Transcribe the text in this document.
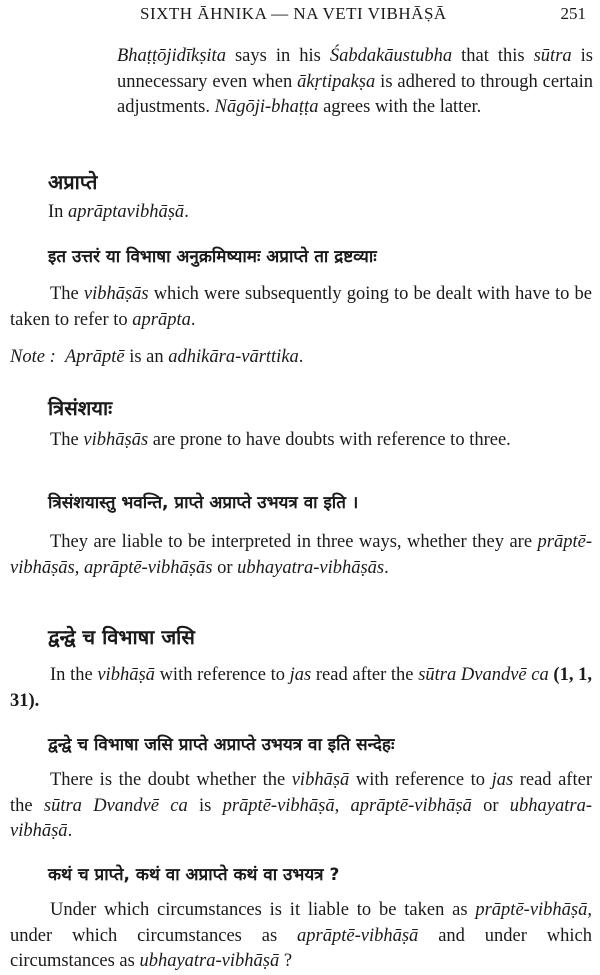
SIXTH ĀHNIKA — NA VETI VIBHĀṢĀ	251
Bhaṭṭōjidīkṣita says in his Śabdakāustubha that this sūtra is unnecessary even when ākṛtipakṣa is adhered to through certain adjustments. Nāgōji-bhaṭṭa agrees with the latter.
अप्राप्ते
In aprāptavibhāṣā.
इत उत्तरं या विभाषा अनुक्रमिष्यामः अप्राप्ते ता द्रष्टव्याः
The vibhāṣās which were subsequently going to be dealt with have to be taken to refer to aprāpta.
Note : Aprāptē is an adhikāra-vārttika.
त्रिसंशयाः
The vibhāṣās are prone to have doubts with reference to three.
त्रिसंशयास्तु भवन्ति, प्राप्ते अप्राप्ते उभयत्र वा इति ।
They are liable to be interpreted in three ways, whether they are prāptē-vibhāṣās, aprāptē-vibhāṣās or ubhayatra-vibhāṣās.
द्वन्द्वे च विभाषा जसि
In the vibhāṣā with reference to jas read after the sūtra Dvandvē ca (1, 1, 31).
द्वन्द्वे च विभाषा जसि प्राप्ते अप्राप्ते उभयत्र वा इति सन्देहः
There is the doubt whether the vibhāṣā with reference to jas read after the sūtra Dvandvē ca is prāptē-vibhāṣā, aprāptē-vibhāṣā or ubhayatra-vibhāṣā.
कथं च प्राप्ते, कथं वा अप्राप्ते कथं वा उभयत्र ?
Under which circumstances is it liable to be taken as prāptē-vibhāṣā, under which circumstances as aprāptē-vibhāṣā and under which circumstances as ubhayatra-vibhāṣā ?
